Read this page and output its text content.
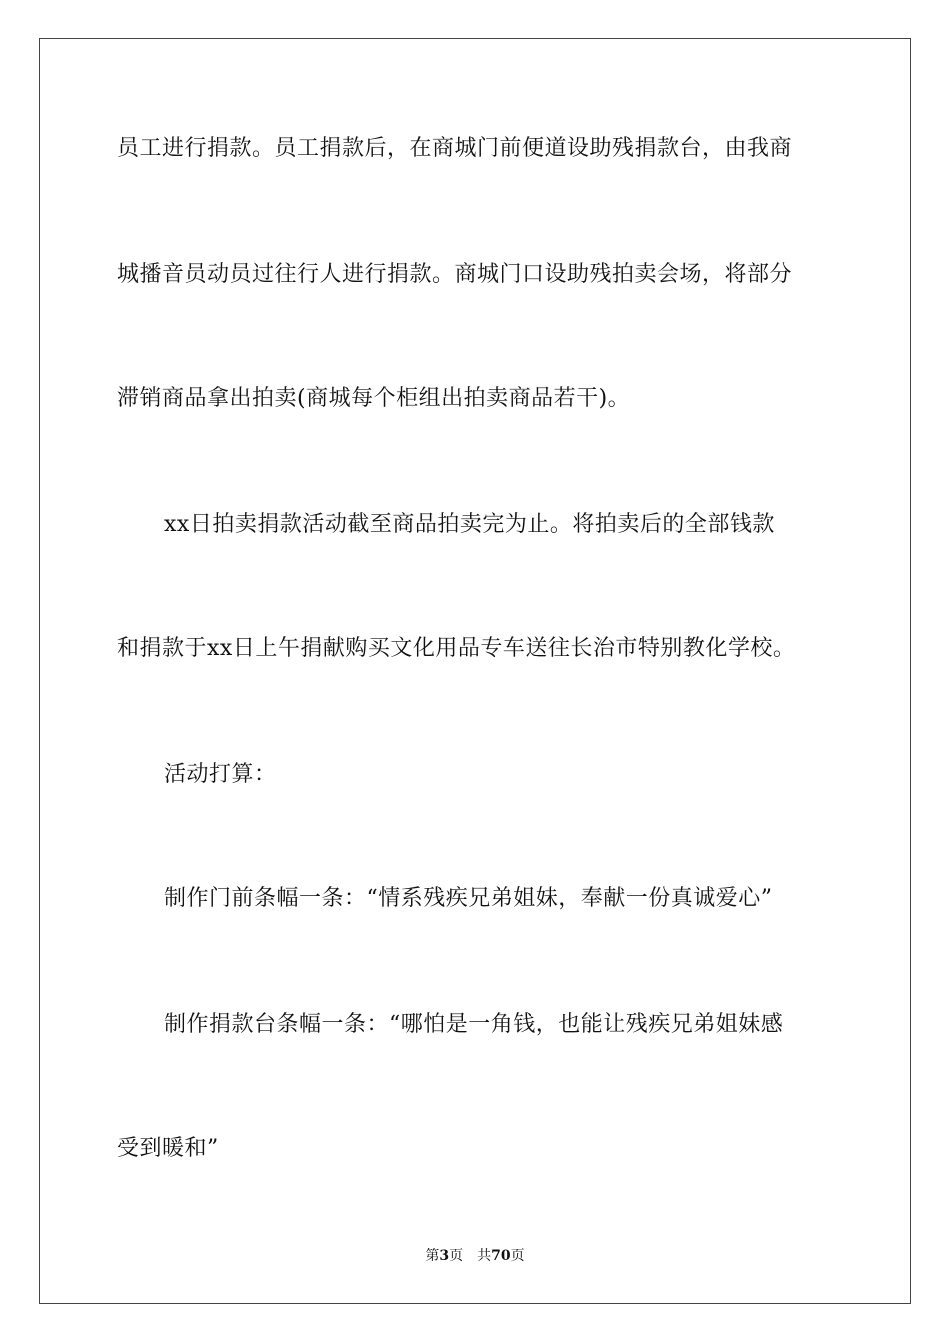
员工进行捐款。员工捐款后，在商城门前便道设助残捐款台，由我商
城播音员动员过往行人进行捐款。商城门口设助残拍卖会场，将部分
滞销商品拿出拍卖(商城每个柜组出拍卖商品若干)。
xx日拍卖捐款活动截至商品拍卖完为止。将拍卖后的全部钱款
和捐款于xx日上午捐献购买文化用品专车送往长治市特别教化学校。
活动打算：
制作门前条幅一条：“情系残疾兄弟姐妹，奉献一份真诚爱心”
制作捐款台条幅一条：“哪怕是一角钱，也能让残疾兄弟姐妹感
受到暖和”
第3页 共70页
